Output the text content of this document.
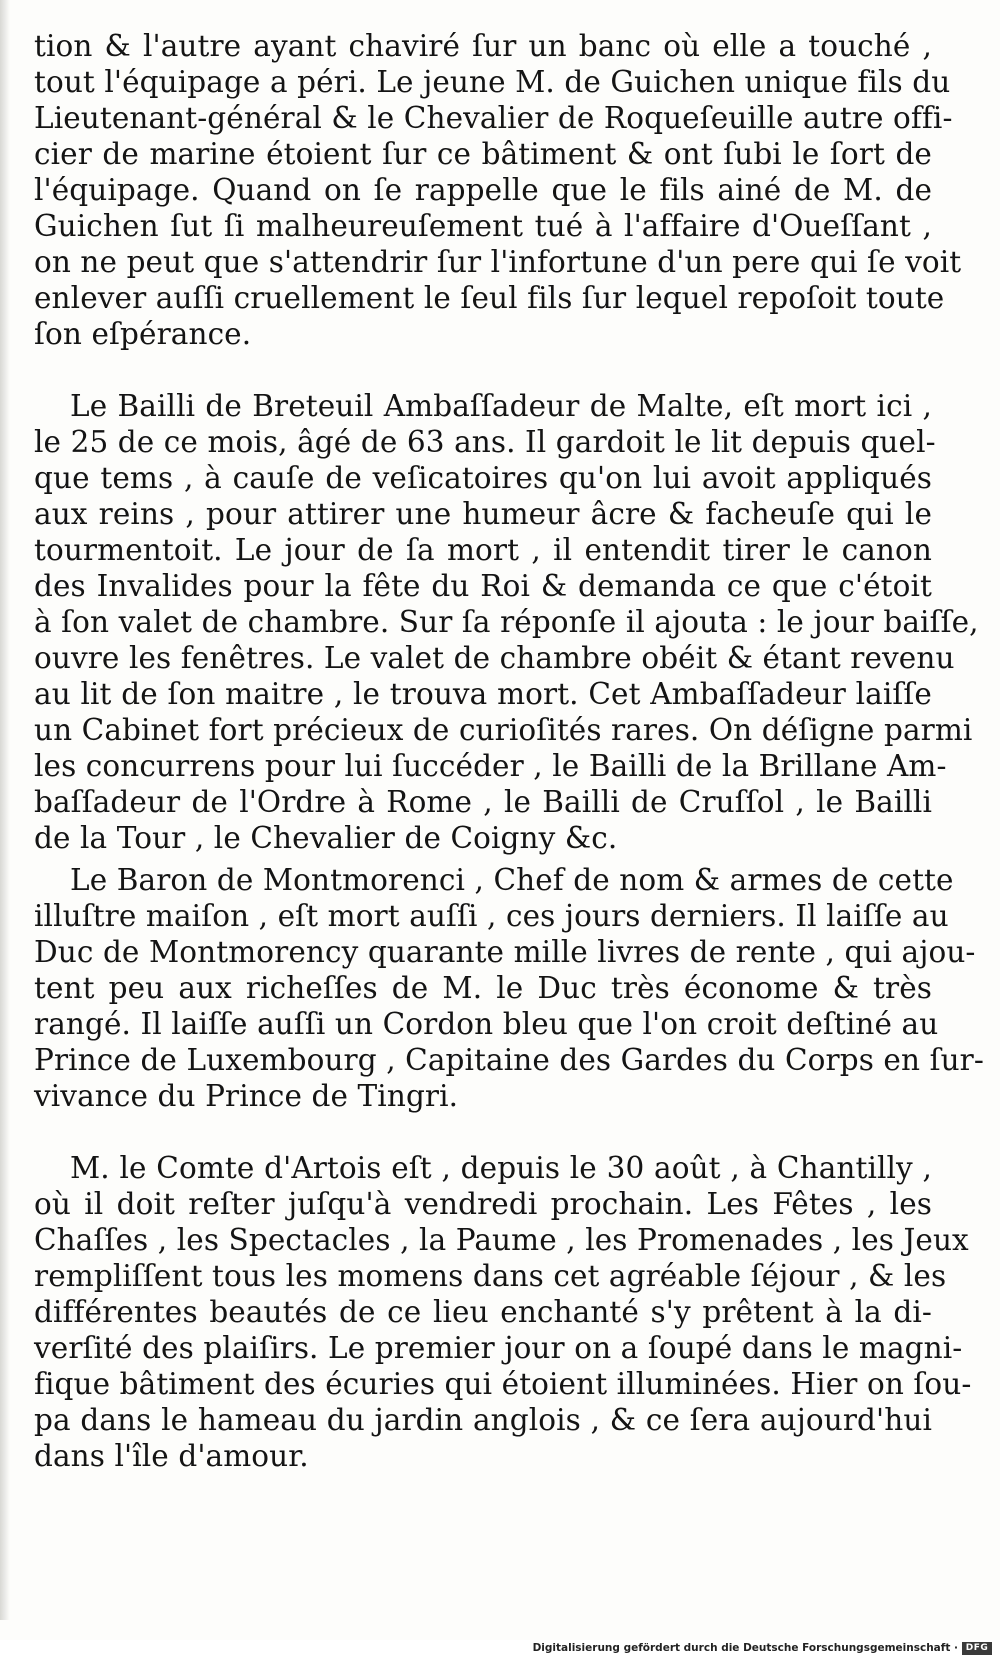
tion & l'autre ayant chaviré ſur un banc où elle a touché ,
tout l'équipage a péri. Le jeune M. de Guichen unique fils du
Lieutenant-général & le Chevalier de Roqueſeuille autre offi-
cier de marine étoient ſur ce bâtiment & ont ſubi le ſort de
l'équipage. Quand on ſe rappelle que le fils ainé de M. de
Guichen ſut ſi malheureuſement tué à l'affaire d'Oueſſant ,
on ne peut que s'attendrir ſur l'infortune d'un pere qui ſe voit
enlever auſſi cruellement le ſeul fils ſur lequel repoſoit toute
ſon eſpérance.
Le Bailli de Breteuil Ambaſſadeur de Malte, eſt mort ici ,
le 25 de ce mois, âgé de 63 ans. Il gardoit le lit depuis quel-
que tems , à cauſe de veſicatoires qu'on lui avoit appliqués
aux reins , pour attirer une humeur âcre & facheuſe qui le
tourmentoit. Le jour de ſa mort , il entendit tirer le canon
des Invalides pour la fête du Roi & demanda ce que c'étoit
à ſon valet de chambre. Sur ſa réponſe il ajouta : le jour baiſſe,
ouvre les fenêtres. Le valet de chambre obéit & étant revenu
au lit de ſon maitre , le trouva mort. Cet Ambaſſadeur laiſſe
un Cabinet fort précieux de curioſités rares. On déſigne parmi
les concurrens pour lui ſuccéder , le Bailli de la Brillane Am-
baſſadeur de l'Ordre à Rome , le Bailli de Cruſſol , le Bailli
de la Tour , le Chevalier de Coigny &c.
Le Baron de Montmorenci , Chef de nom & armes de cette
illuſtre maiſon , eſt mort auſſi , ces jours derniers. Il laiſſe au
Duc de Montmorency quarante mille livres de rente , qui ajou-
tent peu aux richeſſes de M. le Duc très économe & très
rangé. Il laiſſe auſſi un Cordon bleu que l'on croit deſtiné au
Prince de Luxembourg , Capitaine des Gardes du Corps en ſur-
vivance du Prince de Tingri.
M. le Comte d'Artois eſt , depuis le 30 août , à Chantilly ,
où il doit reſter juſqu'à vendredi prochain. Les Fêtes , les
Chaſſes , les Spectacles , la Paume , les Promenades , les Jeux
rempliſſent tous les momens dans cet agréable ſéjour , & les
différentes beautés de ce lieu enchanté s'y prêtent à la di-
verſité des plaiſirs. Le premier jour on a ſoupé dans le magni-
fique bâtiment des écuries qui étoient illuminées. Hier on ſou-
pa dans le hameau du jardin anglois , & ce ſera aujourd'hui
dans l'île d'amour.
Digitalisierung gefördert durch die Deutsche Forschungsgemeinschaft · DFG
